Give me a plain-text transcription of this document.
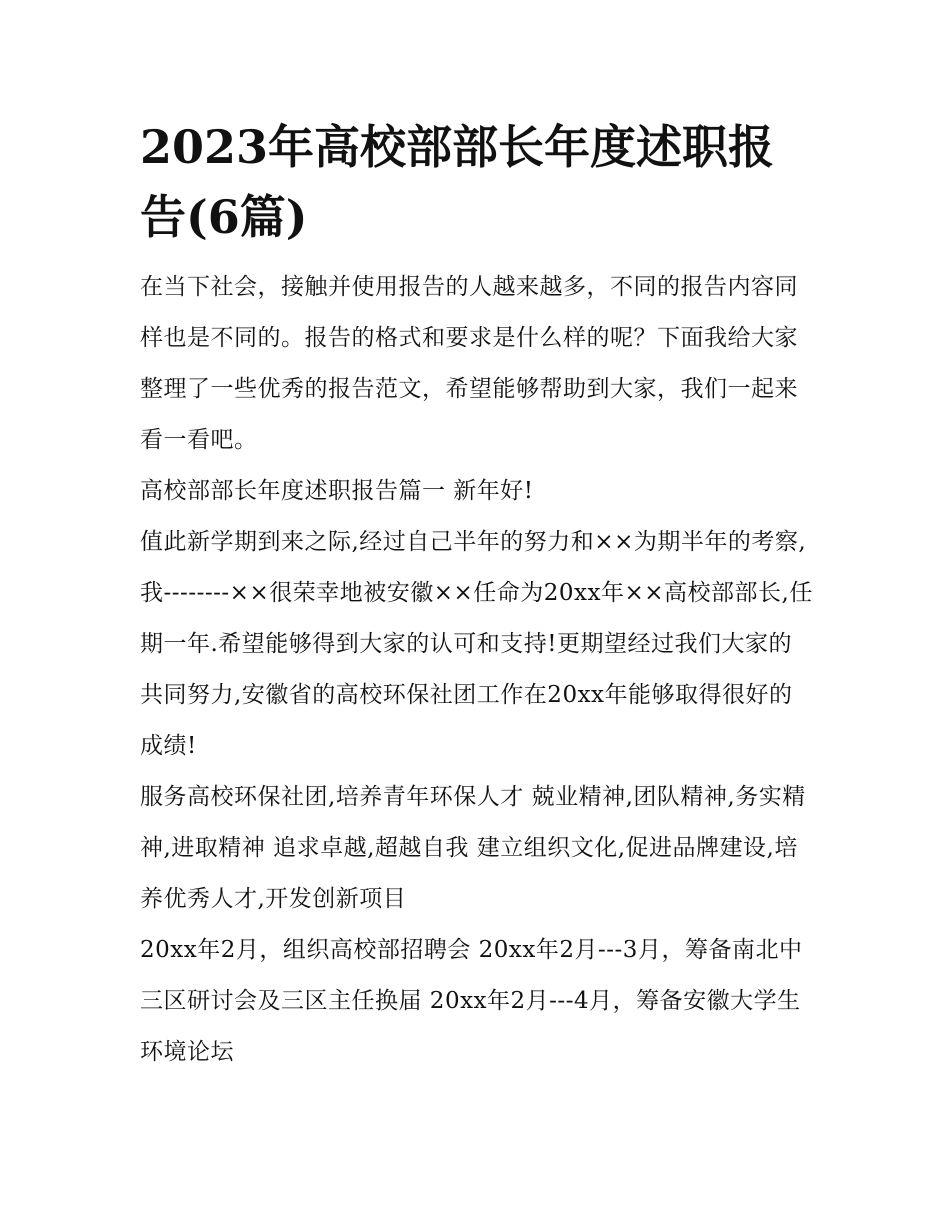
2023年高校部部长年度述职报告(6篇)

在当下社会，接触并使用报告的人越来越多，不同的报告内容同样也是不同的。报告的格式和要求是什么样的呢？下面我给大家整理了一些优秀的报告范文，希望能够帮助到大家，我们一起来看一看吧。

高校部部长年度述职报告篇一 新年好!

值此新学期到来之际,经过自己半年的努力和××为期半年的考察,我--------××很荣幸地被安徽××任命为20xx年××高校部部长,任期一年.希望能够得到大家的认可和支持!更期望经过我们大家的共同努力,安徽省的高校环保社团工作在20xx年能够取得很好的成绩!

服务高校环保社团,培养青年环保人才 兢业精神,团队精神,务实精神,进取精神 追求卓越,超越自我 建立组织文化,促进品牌建设,培养优秀人才,开发创新项目

20xx年2月，组织高校部招聘会 20xx年2月---3月，筹备南北中三区研讨会及三区主任换届 20xx年2月---4月，筹备安徽大学生环境论坛
